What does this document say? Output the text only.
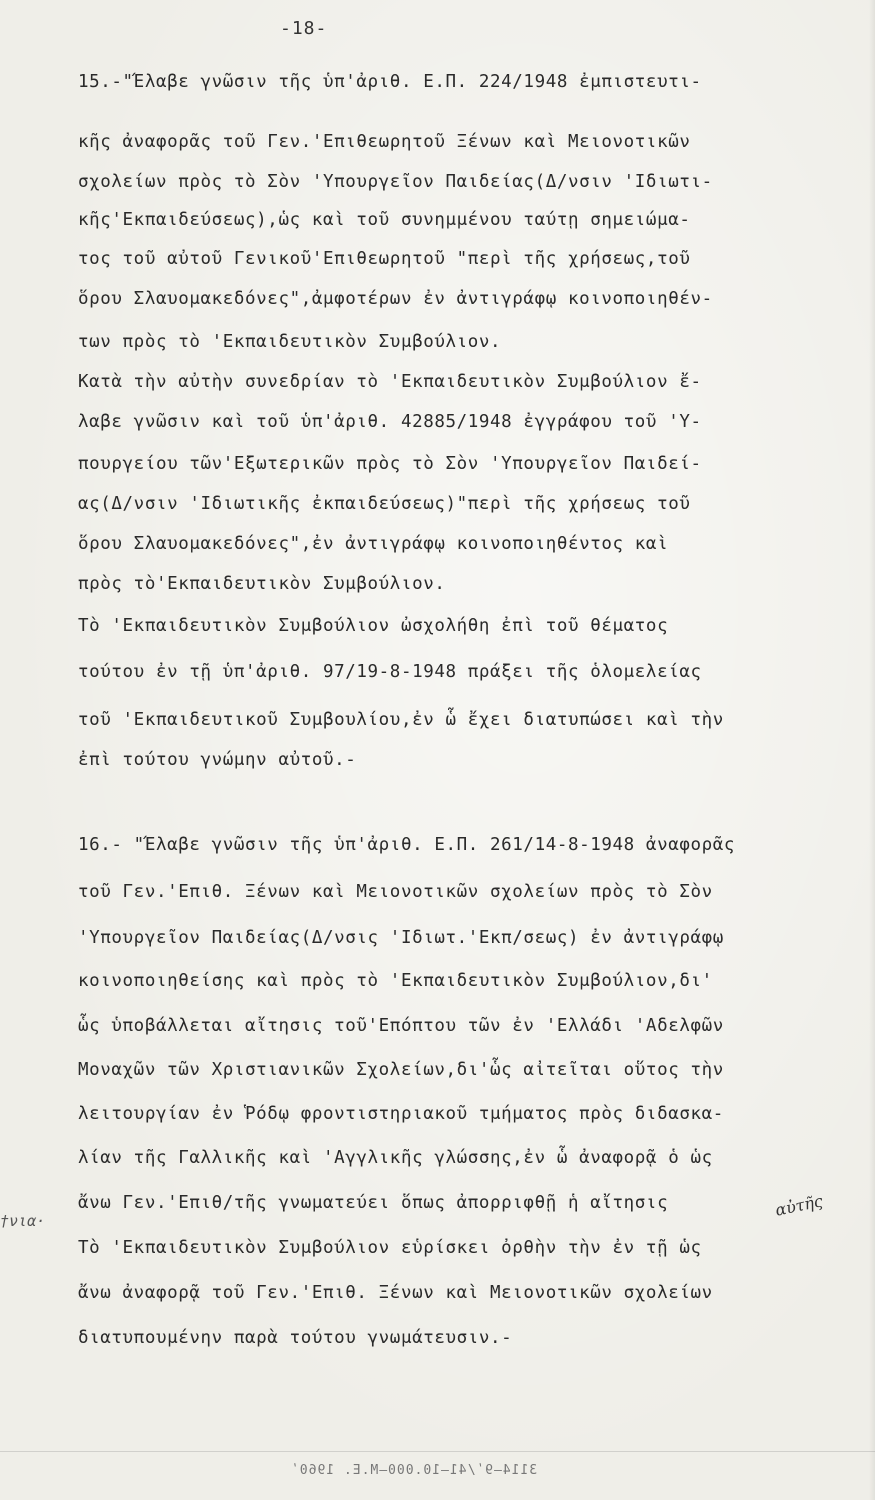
-18-
15.-"Έλαβε γνῶσιν τῆς ὑπ'ἀριθ. Ε.Π. 224/1948 ἐμπιστευτι-
κῆς ἀναφορᾶς τοῦ Γεν.'Επιθεωρητοῦ Ξένων καὶ Μειονοτικῶν
σχολείων πρὸς τὸ Σὸν 'Υπουργεῖον Παιδείας(Δ/νσιν 'Ιδιωτι-
κῆς'Εκπαιδεύσεως),ὡς καὶ τοῦ συνημμένου ταύτῃ σημειώμα-
τος τοῦ αὐτοῦ Γενικοῦ'Επιθεωρητοῦ "περὶ τῆς χρήσεως,τοῦ
ὅρου Σλαυομακεδόνες",ἀμφοτέρων ἐν ἀντιγράφῳ κοινοποιηθέν-
των πρὸς τὸ 'Εκπαιδευτικὸν Συμβούλιον.
Κατὰ τὴν αὐτὴν συνεδρίαν τὸ 'Εκπαιδευτικὸν Συμβούλιον ἔ-
λαβε γνῶσιν καὶ τοῦ ὑπ'ἀριθ. 42885/1948 ἐγγράφου τοῦ 'Υ-
πουργείου τῶν'Εξωτερικῶν πρὸς τὸ Σὸν 'Υπουργεῖον Παιδεί-
ας(Δ/νσιν 'Ιδιωτικῆς ἐκπαιδεύσεως)"περὶ τῆς χρήσεως τοῦ
ὅρου Σλαυομακεδόνες",ἐν ἀντιγράφῳ κοινοποιηθέντος καὶ
πρὸς τὸ'Εκπαιδευτικὸν Συμβούλιον.
Τὸ 'Εκπαιδευτικὸν Συμβούλιον ὠσχολήθη ἐπὶ τοῦ θέματος
τούτου ἐν τῇ ὑπ'ἀριθ. 97/19-8-1948 πράξει τῆς ὁλομελείας
τοῦ 'Εκπαιδευτικοῦ Συμβουλίου,ἐν ὧ ἔχει διατυπώσει καὶ τὴν
ἐπὶ τούτου γνώμην αὐτοῦ.-
16.- "Έλαβε γνῶσιν τῆς ὑπ'ἀριθ. Ε.Π. 261/14-8-1948 ἀναφορᾶς
τοῦ Γεν.'Επιθ. Ξένων καὶ Μειονοτικῶν σχολείων πρὸς τὸ Σὸν
'Υπουργεῖον Παιδείας(Δ/νσις 'Ιδιωτ.'Εκπ/σεως) ἐν ἀντιγράφῳ
κοινοποιηθείσης καὶ πρὸς τὸ 'Εκπαιδευτικὸν Συμβούλιον,δι'
ὧς ὑποβάλλεται αἴτησις τοῦ'Επόπτου τῶν ἐν 'Ελλάδι 'Αδελφῶν
Μοναχῶν τῶν Χριστιανικῶν Σχολείων,δι'ὧς αἰτεῖται οὕτος τὴν
λειτουργίαν ἐν Ῥόδῳ φροντιστηριακοῦ τμήματος πρὸς διδασκα-
λίαν τῆς Γαλλικῆς καὶ 'Αγγλικῆς γλώσσης,ἐν ὧ ἀναφορᾷ ὁ ὡς
ἄνω Γεν.'Επιθ/τῆς γνωματεύει ὅπως ἀπορριφθῇ ἡ αἴτησις
Τὸ 'Εκπαιδευτικὸν Συμβούλιον εὑρίσκει ὀρθὴν τὴν ἐν τῇ ὡς
ἄνω ἀναφορᾷ τοῦ Γεν.'Επιθ. Ξένων καὶ Μειονοτικῶν σχολείων
διατυπουμένην παρὰ τούτου γνωμάτευσιν.-
†νια·
αὐτῆς
3114—9ʹ/41—10.000—M.E. 1960ʹ
